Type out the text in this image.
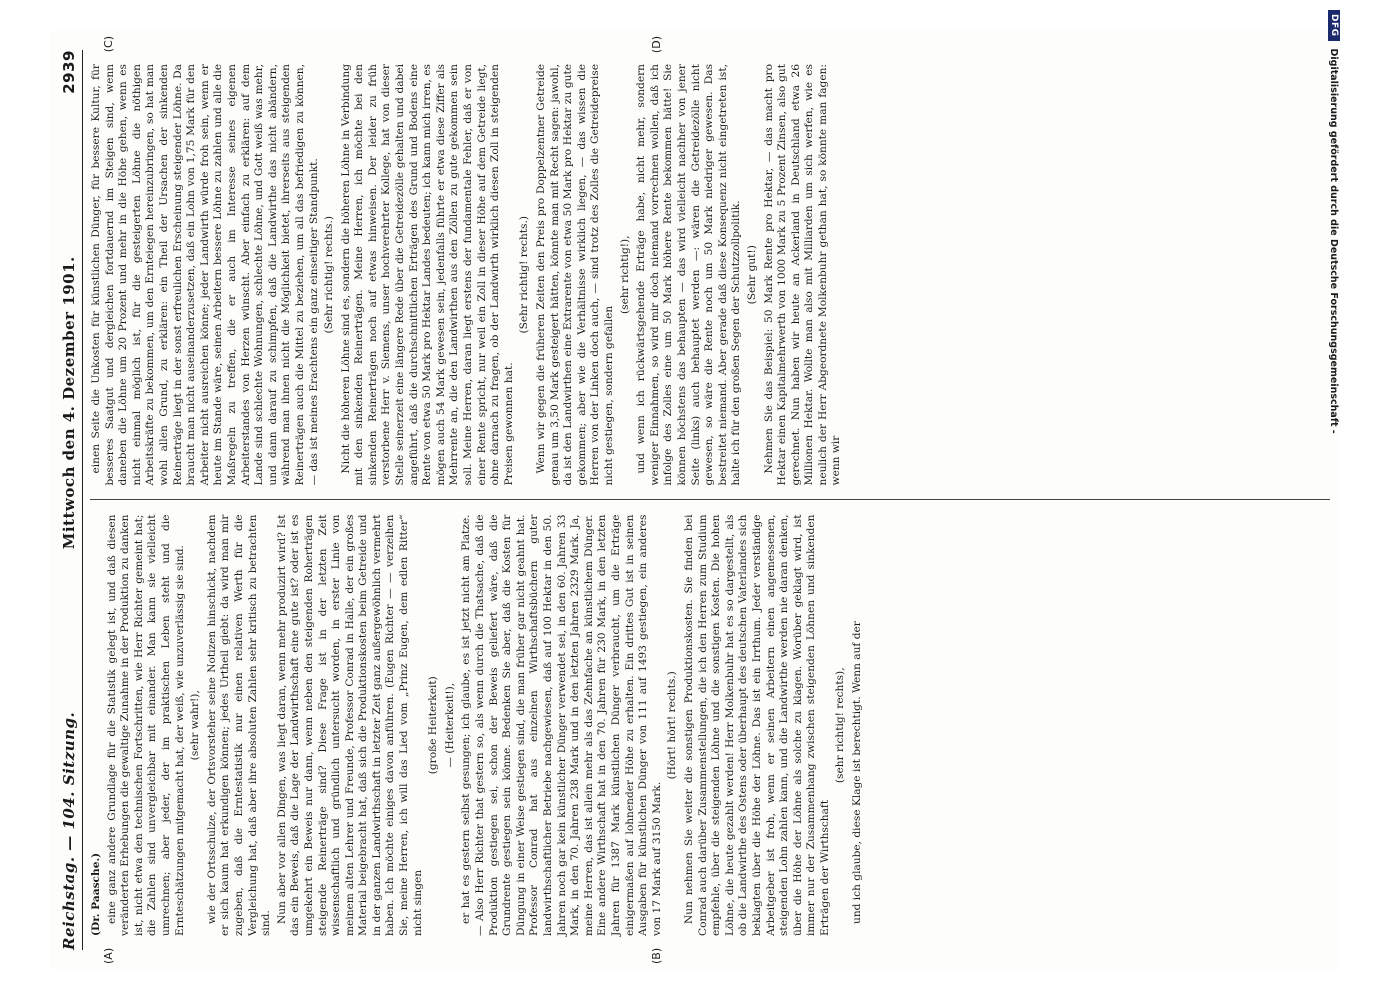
Reichstag. — 104. Sitzung.
Mittwoch den 4. Dezember 1901.
2939
(A)	(B)

(Dr. Paasche.) eine ganz andere Grundlage für die Statistik gelegt ist, und daß diesen veränderten Erhebungen die gewaltige Zunahme in der Produktion zu danken ist, nicht etwa den technischen Fortschritten, wie Herr Richter gemeint hat; die Zahlen sind unvergleichbar mit einander. Man kann sie vielleicht umrechnen; aber jeder, der im praktischen Leben steht und die Ernteschätzungen mitgemacht hat, der weiß, wie unzuverlässig sie sind. (sehr wahr!), wie der Ortsschulze, der Ortsvorsteher seine Notizen hinschickt, nachdem er sich kaum hat erkundigen können; jedes Urtheil giebt: da wird man mir zugeben, daß die Erntestatistik nur einen relativen Werth für die Vergleichung hat, daß aber ihre absoluten Zahlen sehr kritisch zu betrachten sind. Nun aber vor allen Dingen, was liegt daran, wenn mehr produzirt wird? Ist das ein Beweis, daß die Lage der Landwirthschaft eine gute ist? oder ist es umgekehrt ein Beweis nur dann, wenn neben den steigenden Roherträgen steigende Reinerträge sind? Diese Frage ist in der letzten Zeit wissenschaftlich und gründlich untersucht worden, in erster Linie von meinem alten Lehrer und Freunde, Professor Conrad in Halle, der ein großes Material beigebracht hat, daß sich die Produktionskosten beim Getreide und in der ganzen Landwirthschaft in letzter Zeit ganz außergewöhnlich vermehrt haben. Ich möchte einiges davon anführen. (Eugen Richter — — verzeihen Sie, meine Herren, ich will das Lied vom „Prinz Eugen, dem edlen Ritter“ nicht singen

(große Heiterkeit) — (Heiterkeit!), er hat es gestern selbst gesungen; ich glaube, es ist jetzt nicht am Platze. — Also Herr Richter that gestern so, als wenn durch die Thatsache, daß die Produktion gestiegen sei, schon der Beweis geliefert wäre, daß die Grundrente gestiegen sein könne. Bedenken Sie aber, daß die Kosten für Düngung in einer Weise gestiegen sind, die man früher gar nicht geahnt hat. Professor Conrad hat aus einzelnen Wirthschaftsbüchern guter landwirthschaftlicher Betriebe nachgewiesen, daß auf 100 Hektar in den 50. Jahren noch gar kein künstlicher Dünger verwendet sei, in den 60. Jahren 33 Mark, in den 70. Jahren 238 Mark und in den letzten Jahren 2329 Mark. Ja, meine Herren, das ist allein mehr als das Zehnfache an künstlichem Dünger. Eine andere Wirthschaft hat in den 70. Jahren für 230 Mark, in den letzten Jahren für 1387 Mark künstlichen Dünger verbraucht, um die Erträge einigermaßen auf lohnender Höhe zu erhalten. Ein drittes Gut ist in seinen Ausgaben für künstlichen Dünger von 111 auf 1493 gestiegen, ein anderes von 17 Mark auf 3150 Mark.

(Hört! hört! rechts.) Nun nehmen Sie weiter die sonstigen Produktionskosten. Sie finden bei Conrad auch darüber Zusammenstellungen, die ich den Herren zum Studium empfehle, über die steigenden Löhne und die sonstigen Kosten. Die hohen Löhne, die heute gezahlt werden! Herr Molkenbuhr hat es so dargestellt, als ob die Landwirthe des Ostens oder überhaupt des deutschen Vaterlandes sich beklagten über die Höhe der Löhne. Das ist ein Irrthum. Jeder verständige Arbeitgeber ist froh, wenn er seinen Arbeitern einen angemessenen, steigenden Lohn zahlen kann, und die Landwirthe werden nie daran denken, über die Höhe der Löhne als solche zu klagen. Worüber geklagt wird, ist immer nur der Zusammenhang zwischen steigenden Löhnen und sinkenden Erträgen der Wirthschaft

(sehr richtig! rechts), und ich glaube, diese Klage ist berechtigt. Wenn auf der

(C)	(D)

einen Seite die Unkosten für künstlichen Dünger, für bessere Kultur, für besseres Saatgut und dergleichen fortdauernd im Steigen sind, wenn daneben die Löhne um 20 Prozent und mehr in die Höhe gehen, wenn es nicht einmal möglich ist, für die gesteigerten Löhne die nöthigen Arbeitskräfte zu bekommen, um den Ernteiegen hereinzubringen, so hat man wohl allen Grund, zu erklären: ein Theil der Ursachen der sinkenden Reinerträge liegt in der sonst erfreulichen Erscheinung steigender Löhne. Da braucht man nicht auseinanderzusetzen, daß ein Lohn von 1,75 Mark für den Arbeiter nicht ausreichen könne; jeder Landwirth würde froh sein, wenn er heute im Stande wäre, seinen Arbeitern bessere Löhne zu zahlen und alle die Maßregeln zu treffen, die er auch im Interesse seines eigenen Arbeiterstandes von Herzen wünscht. Aber einfach zu erklären: auf dem Lande sind schlechte Wohnungen, schlechte Löhne, und Gott weiß was mehr, und dann darauf zu schimpfen, daß die Landwirthe das nicht abändern, während man ihnen nicht die Möglichkeit bietet, ihrerseits aus steigenden Reinerträgen auch die Mittel zu beziehen, um all das befriedigen zu können, — das ist meines Erachtens ein ganz einseitiger Standpunkt. (Sehr richtig! rechts.) Nicht die höheren Löhne sind es, sondern die höheren Löhne in Verbindung mit den sinkenden Reinerträgen. Meine Herren, ich möchte bei den sinkenden Reinerträgen noch auf etwas hinweisen. Der leider zu früh verstorbene Herr v. Siemens, unser hochverehrter Kollege, hat von dieser Stelle seinerzeit eine längere Rede über die Getreidezölle gehalten und dabei angeführt, daß die durchschnittlichen Erträgen des Grund und Bodens eine Rente von etwa 50 Mark pro Hektar Landes bedeuten; ich kann mich irren, es mögen auch 54 Mark gewesen sein, jedenfalls führte er etwa diese Ziffer als Mehrrente an, die den Landwirthen aus den Zöllen zu gute gekommen sein soll. Meine Herren, daran liegt erstens der fundamentale Fehler, daß er von einer Rente spricht, nur weil ein Zoll in dieser Höhe auf dem Getreide liegt, ohne darnach zu fragen, ob der Landwirth wirklich diesen Zoll in steigenden Preisen gewonnen hat.

(Sehr richtig! rechts.) Wenn wir gegen die früheren Zeiten den Preis pro Doppelzentner Getreide genau um 3,50 Mark gesteigert hätten, könnte man mit Recht sagen: jawohl, da ist den Landwirthen eine Extrarente von etwa 50 Mark pro Hektar zu gute gekommen; aber wie die Verhältnisse wirklich liegen, — das wissen die Herren von der Linken doch auch, — sind trotz des Zolles die Getreidepreise nicht gestiegen, sondern gefallen

(sehr richtig!), und wenn ich rückwärtsgehende Erträge habe, nicht mehr, sondern weniger Einnahmen, so wird mir doch niemand vorrechnen wollen, daß ich infolge des Zolles eine um 50 Mark höhere Rente bekommen hätte! Sie können höchstens das behaupten — das wird vielleicht nachher von jener Seite (links) auch behauptet werden —: wären die Getreidezölle nicht gewesen, so wäre die Rente noch um 50 Mark niedriger gewesen. Das bestreitet niemand. Aber gerade daß diese Konsequenz nicht eingetreten ist, halte ich für den großen Segen der Schutzzollpolitik. (Sehr gut!) Nehmen Sie das Beispiel: 50 Mark Rente pro Hektar, — das macht pro Hektar einen Kapitalmehrwerth von 1000 Mark zu 5 Prozent Zinsen, also gut gerechnet. Nun haben wir heute an Ackerland in Deutschland etwa 26 Millionen Hektar. Wollte man also mit Milliarden um sich werfen, wie es neulich der Herr Abgeordnete Molkenbuhr gethan hat, so könnte man fagen: wenn wir

DFG
Digitalisierung gefördert durch die Deutsche Forschungsgemeinschaft -
